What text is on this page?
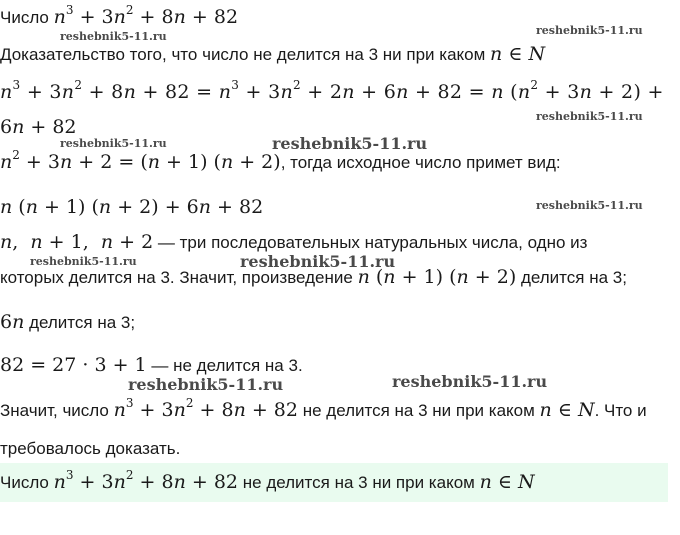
reshebnik5-11.ru	reshebnik5-11.ru
reshebnik5-11.ru
reshebnik5-11.ru	reshebnik5-11.ru
reshebnik5-11.ru
reshebnik5-11.ru	reshebnik5-11.ru
reshebnik5-11.ru	reshebnik5-11.ru
Число $n^3 + 3n^2 + 8n + 82$
Доказательство того, что число не делится на 3 ни при каком n ∈ N
$n^3 + 3n^2 + 8n + 82 = n^3 + 3n^2 + 2n + 6n + 82 = n$ $(n^2 + 3n + 2)$ +
6n + 82
$n^2 + 3n + 2 = (n + 1) (n + 2)$, тогда исходное число примет вид:
n (n + 1) (n + 2) + 6n + 82
n,  n + 1,  n + 2 — три последовательных натуральных числа, одно из
которых делится на 3. Значит, произведение n (n + 1) (n + 2) делится на 3;
6n делится на 3;
82 = 27 · 3 + 1 — не делится на 3.
Значит, число $n^3 + 3n^2 + 8n + 82$ не делится на 3 ни при каком n ∈ N. Что и
требовалось доказать.
Число $n^3 + 3n^2 + 8n + 82$ не делится на 3 ни при каком n ∈ N
